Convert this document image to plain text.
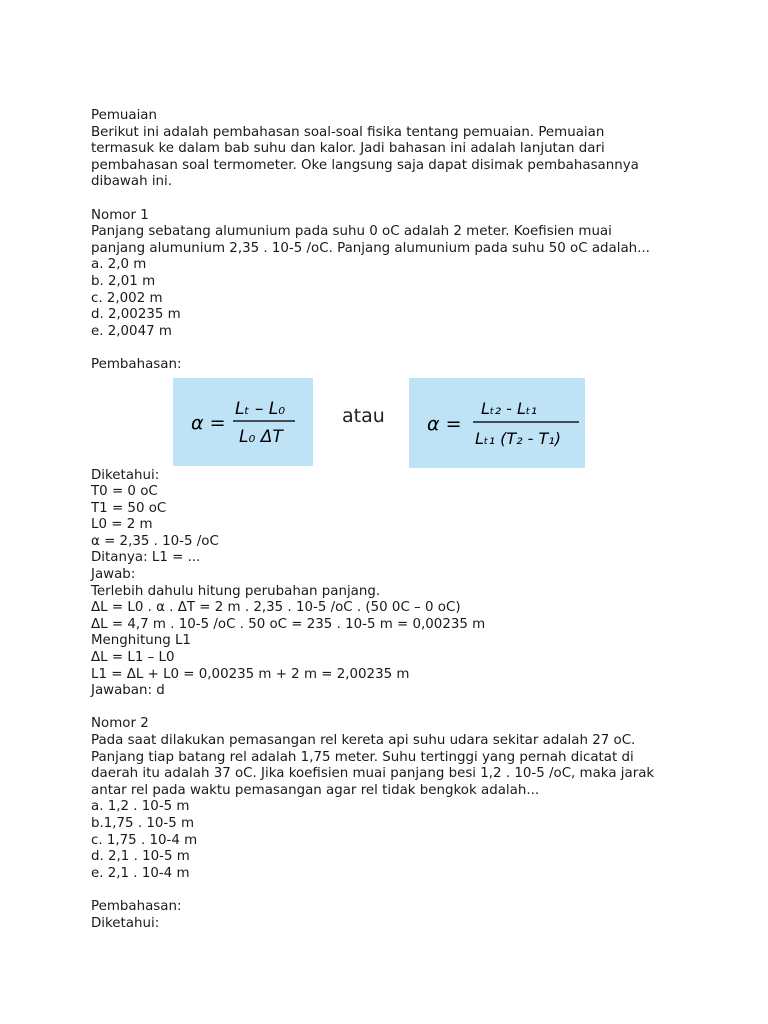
Pemuaian
Berikut ini adalah pembahasan soal-soal fisika tentang pemuaian. Pemuaian
termasuk ke dalam bab suhu dan kalor. Jadi bahasan ini adalah lanjutan dari
pembahasan soal termometer. Oke langsung saja dapat disimak pembahasannya
dibawah ini.
Nomor 1
Panjang sebatang alumunium pada suhu 0 oC adalah 2 meter. Koefisien muai
panjang alumunium 2,35 . 10-5 /oC. Panjang alumunium pada suhu 50 oC adalah...
a. 2,0 m
b. 2,01 m
c. 2,002 m
d. 2,00235 m
e. 2,0047 m
Pembahasan:
α =
Lₜ – L₀
L₀ ΔT
atau α =
Lₜ₂ - Lₜ₁
Lₜ₁ (T₂ - T₁)
Diketahui:
T0 = 0 oC
T1 = 50 oC
L0 = 2 m
α = 2,35 . 10-5 /oC
Ditanya: L1 = ...
Jawab:
Terlebih dahulu hitung perubahan panjang.
ΔL = L0 . α . ΔT = 2 m . 2,35 . 10-5 /oC . (50 0C – 0 oC)
ΔL = 4,7 m . 10-5 /oC . 50 oC = 235 . 10-5 m = 0,00235 m
Menghitung L1
ΔL = L1 – L0
L1 = ΔL + L0 = 0,00235 m + 2 m = 2,00235 m
Jawaban: d
Nomor 2
Pada saat dilakukan pemasangan rel kereta api suhu udara sekitar adalah 27 oC.
Panjang tiap batang rel adalah 1,75 meter. Suhu tertinggi yang pernah dicatat di
daerah itu adalah 37 oC. Jika koefisien muai panjang besi 1,2 . 10-5 /oC, maka jarak
antar rel pada waktu pemasangan agar rel tidak bengkok adalah...
a. 1,2 . 10-5 m
b.1,75 . 10-5 m
c. 1,75 . 10-4 m
d. 2,1 . 10-5 m
e. 2,1 . 10-4 m
Pembahasan:
Diketahui:
